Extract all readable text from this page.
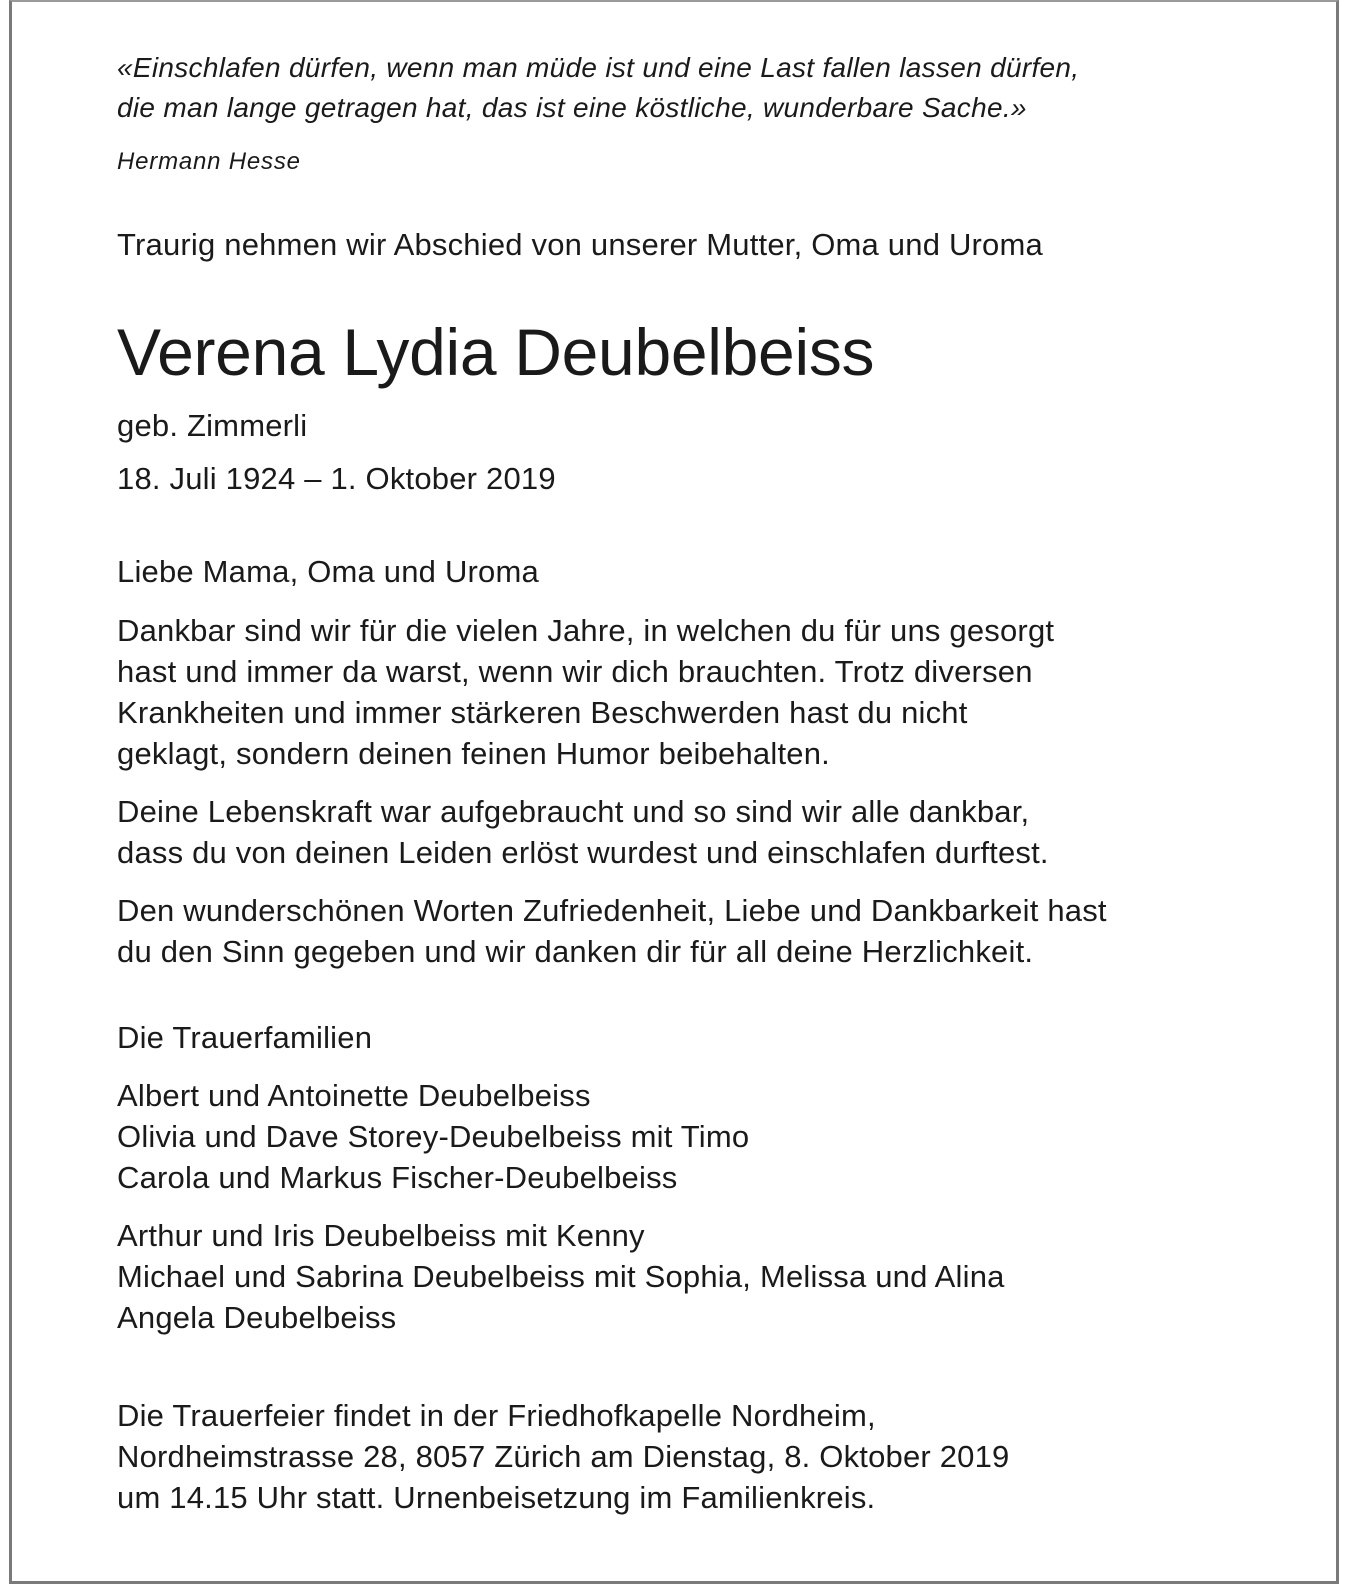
«Einschlafen dürfen, wenn man müde ist und eine Last fallen lassen dürfen,
die man lange getragen hat, das ist eine köstliche, wunderbare Sache.»
Hermann Hesse
Traurig nehmen wir Abschied von unserer Mutter, Oma und Uroma
Verena Lydia Deubelbeiss
geb. Zimmerli
18. Juli 1924 – 1. Oktober 2019
Liebe Mama, Oma und Uroma
Dankbar sind wir für die vielen Jahre, in welchen du für uns gesorgt
hast und immer da warst, wenn wir dich brauchten. Trotz diversen
Krankheiten und immer stärkeren Beschwerden hast du nicht
geklagt, sondern deinen feinen Humor beibehalten.
Deine Lebenskraft war aufgebraucht und so sind wir alle dankbar,
dass du von deinen Leiden erlöst wurdest und einschlafen durftest.
Den wunderschönen Worten Zufriedenheit, Liebe und Dankbarkeit hast
du den Sinn gegeben und wir danken dir für all deine Herzlichkeit.
Die Trauerfamilien
Albert und Antoinette Deubelbeiss
Olivia und Dave Storey-Deubelbeiss mit Timo
Carola und Markus Fischer-Deubelbeiss
Arthur und Iris Deubelbeiss mit Kenny
Michael und Sabrina Deubelbeiss mit Sophia, Melissa und Alina
Angela Deubelbeiss
Die Trauerfeier findet in der Friedhofkapelle Nordheim,
Nordheimstrasse 28, 8057 Zürich am Dienstag, 8. Oktober 2019
um 14.15 Uhr statt. Urnenbeisetzung im Familienkreis.
